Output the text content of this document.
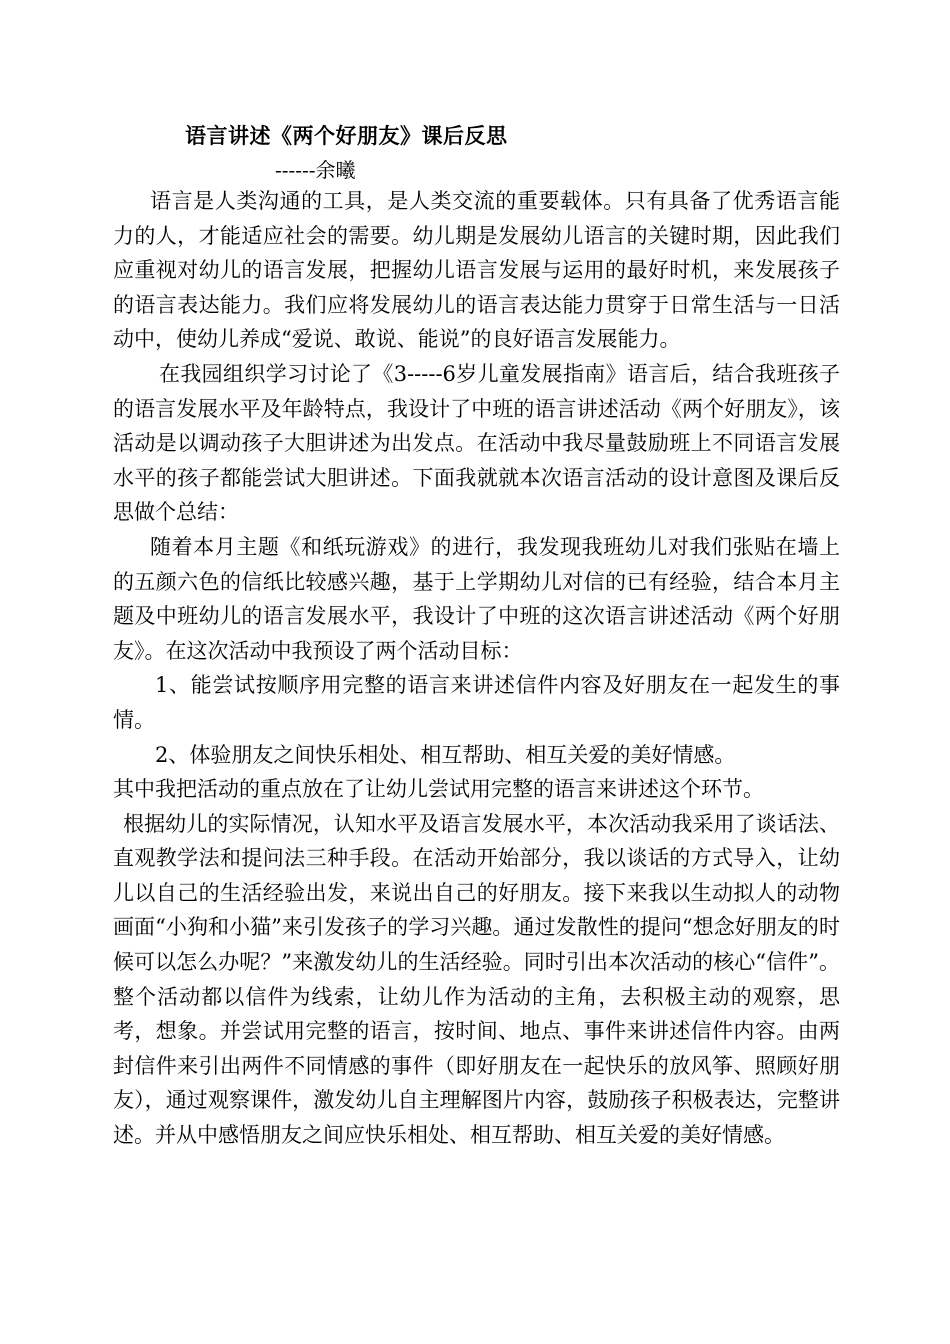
语言讲述《两个好朋友》课后反思
------余曦

语言是人类沟通的工具，是人类交流的重要载体。只有具备了优秀语言能力的人，才能适应社会的需要。幼儿期是发展幼儿语言的关键时期，因此我们应重视对幼儿的语言发展，把握幼儿语言发展与运用的最好时机，来发展孩子的语言表达能力。我们应将发展幼儿的语言表达能力贯穿于日常生活与一日活动中，使幼儿养成“爱说、敢说、能说”的良好语言发展能力。

在我园组织学习讨论了《3-----6岁儿童发展指南》语言后，结合我班孩子的语言发展水平及年龄特点，我设计了中班的语言讲述活动《两个好朋友》，该活动是以调动孩子大胆讲述为出发点。在活动中我尽量鼓励班上不同语言发展水平的孩子都能尝试大胆讲述。下面我就就本次语言活动的设计意图及课后反思做个总结：

随着本月主题《和纸玩游戏》的进行，我发现我班幼儿对我们张贴在墙上的五颜六色的信纸比较感兴趣，基于上学期幼儿对信的已有经验，结合本月主题及中班幼儿的语言发展水平，我设计了中班的这次语言讲述活动《两个好朋友》。在这次活动中我预设了两个活动目标：

1、能尝试按顺序用完整的语言来讲述信件内容及好朋友在一起发生的事情。

2、体验朋友之间快乐相处、相互帮助、相互关爱的美好情感。

其中我把活动的重点放在了让幼儿尝试用完整的语言来讲述这个环节。

根据幼儿的实际情况，认知水平及语言发展水平，本次活动我采用了谈话法、直观教学法和提问法三种手段。在活动开始部分，我以谈话的方式导入，让幼儿以自己的生活经验出发，来说出自己的好朋友。接下来我以生动拟人的动物画面“小狗和小猫”来引发孩子的学习兴趣。通过发散性的提问“想念好朋友的时候可以怎么办呢？”来激发幼儿的生活经验。同时引出本次活动的核心“信件”。整个活动都以信件为线索，让幼儿作为活动的主角，去积极主动的观察，思考，想象。并尝试用完整的语言，按时间、地点、事件来讲述信件内容。由两封信件来引出两件不同情感的事件（即好朋友在一起快乐的放风筝、照顾好朋友），通过观察课件，激发幼儿自主理解图片内容，鼓励孩子积极表达，完整讲述。并从中感悟朋友之间应快乐相处、相互帮助、相互关爱的美好情感。
